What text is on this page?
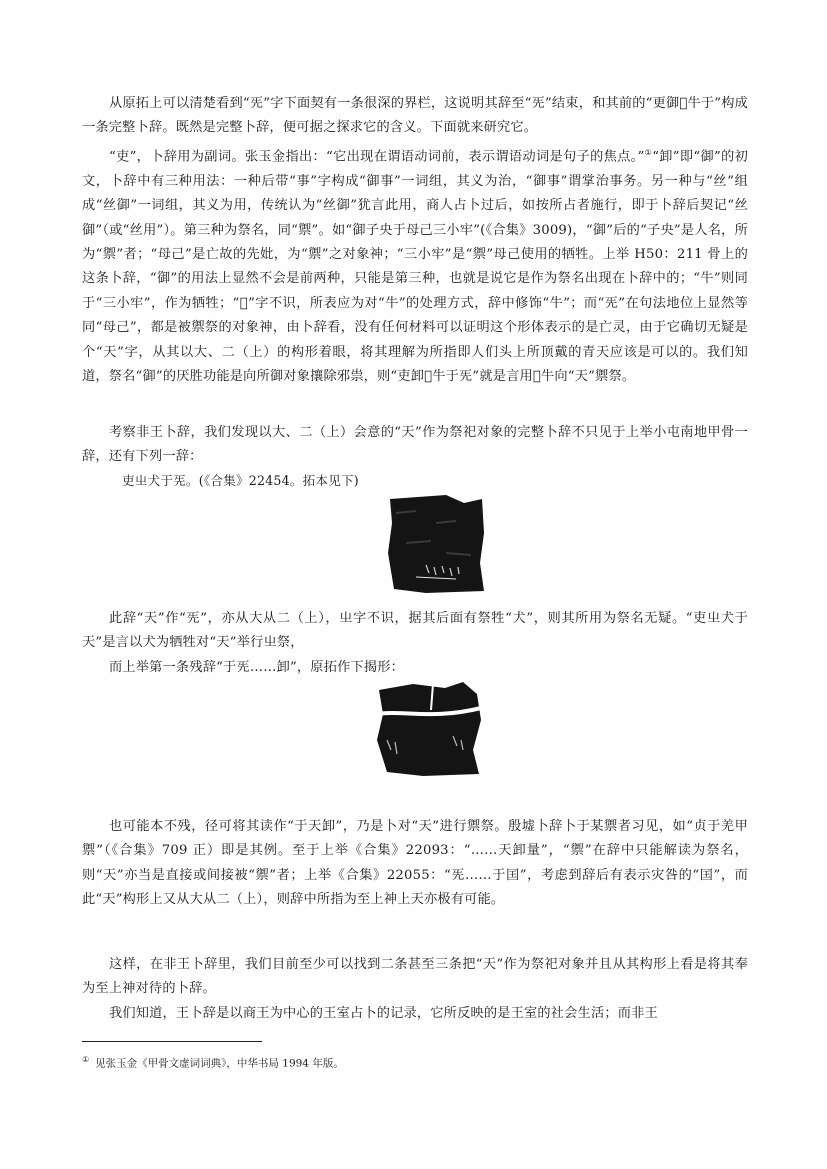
从原拓上可以清楚看到“𠀡”字下面契有一条很深的界栏，这说明其辞至“𠀡”结束，和其前的“更御𪤲牛于”构成一条完整卜辞。既然是完整卜辞，便可据之探求它的含义。下面就来研究它。

“吏”，卜辞用为副词。张玉金指出：“它出现在谓语动词前，表示谓语动词是句子的焦点。”①“卸”即“御”的初文，卜辞中有三种用法：一种后带“事”字构成“御事”一词组，其义为治，“御事”谓掌治事务。另一种与“丝”组成“丝御”一词组，其义为用，传统认为“丝御”犹言此用，商人占卜过后，如按所占者施行，即于卜辞后契记“丝御”（或“丝用”）。第三种为祭名，同“禦”。如“御子央于母己三小牢”(《合集》3009)，“御”后的“子央”是人名，所为“禦”者；“母己”是亡故的先妣，为“禦”之对象神；“三小牢”是“禦”母己使用的牺牲。上举 H50：211 骨上的这条卜辞，“御”的用法上显然不会是前两种，只能是第三种，也就是说它是作为祭名出现在卜辞中的；“牛”则同于“三小牢”，作为牺牲；“𪤲”字不识，所表应为对“牛”的处理方式，辞中修饰“牛”；而“𠀡”在句法地位上显然等同“母己”，都是被禦祭的对象神，由卜辞看，没有任何材料可以证明这个形体表示的是亡灵，由于它确切无疑是个“天”字，从其以大、二（上）的构形着眼，将其理解为所指即人们头上所顶戴的青天应该是可以的。我们知道，祭名“御”的厌胜功能是向所御对象攘除邪祟，则“吏卸𪤲牛于𠀡”就是言用𪤲牛向“天”禦祭。

考察非王卜辞，我们发现以大、二（上）会意的“天”作为祭祀对象的完整卜辞不只见于上举小屯南地甲骨一辞，还有下列一辞：

吏㞢犬于𠀡。(《合集》22454。拓本见下)

此辞“天”作“𠀡”，亦从大从二（上），㞢字不识，据其后面有祭牲“犬”，则其所用为祭名无疑。“吏㞢犬于天”是言以犬为牺牲对“天”举行㞢祭，

而上举第一条残辞“于𠀡……卸”，原拓作下揭形：

也可能本不残，径可将其读作“于天卸”，乃是卜对“天”进行禦祭。殷墟卜辞卜于某禦者习见，如“贞于羌甲禦”（《合集》709 正）即是其例。至于上举《合集》22093：“……天卸量”，“禦”在辞中只能解读为祭名，则“天”亦当是直接或间接被“禦”者；上举《合集》22055：“𠀡……于囯”，考虑到辞后有表示灾咎的“囯”，而此“天”构形上又从大从二（上），则辞中所指为至上神上天亦极有可能。

这样，在非王卜辞里，我们目前至少可以找到二条甚至三条把“天”作为祭祀对象并且从其构形上看是将其奉为至上神对待的卜辞。

我们知道，王卜辞是以商王为中心的王室占卜的记录，它所反映的是王室的社会生活；而非王

① 见张玉金《甲骨文虚词词典》，中华书局 1994 年版。
